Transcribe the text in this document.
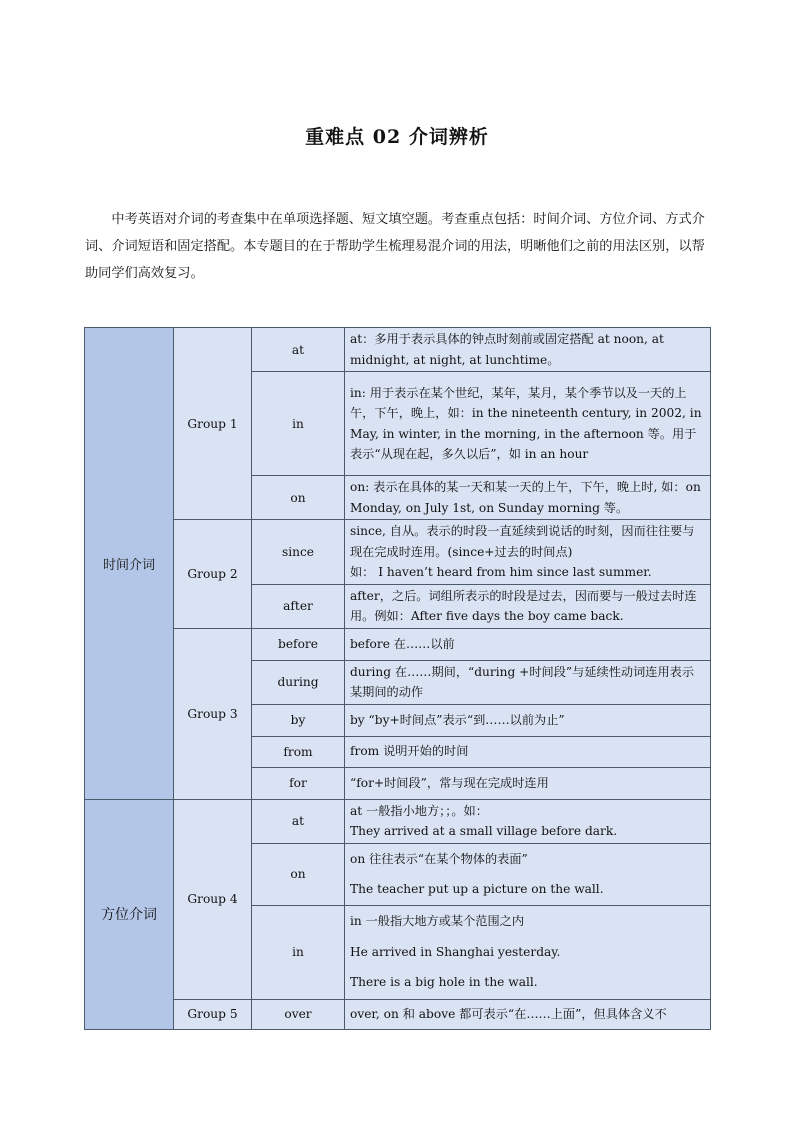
重难点 02 介词辨析

中考英语对介词的考查集中在单项选择题、短文填空题。考查重点包括：时间介词、方位介词、方式介词、介词短语和固定搭配。本专题目的在于帮助学生梳理易混介词的用法，明晰他们之前的用法区别，以帮助同学们高效复习。

时间介词	Group 1	at	at：多用于表示具体的钟点时刻前或固定搭配 at noon, at midnight, at night, at lunchtime。

		in	in: 用于表示在某个世纪，某年，某月，某个季节以及一天的上午，下午，晚上，如：in the nineteenth century, in 2002, in May, in winter, in the morning, in the afternoon 等。用于表示“从现在起，多久以后”，如 in an hour

		on	on: 表示在具体的某一天和某一天的上午，下午，晚上时, 如：on Monday, on July 1st, on Sunday morning 等。

	Group 2	since	since, 自从。表示的时段一直延续到说话的时刻，因而往往要与现在完成时连用。(since+过去的时间点)
如： I haven’t heard from him since last summer.

		after	after，之后。词组所表示的时段是过去，因而要与一般过去时连用。例如：After five days the boy came back.

	Group 3	before	before 在……以前

		during	during 在……期间，“during +时间段”与延续性动词连用表示某期间的动作

		by	by “by+时间点”表示“到……以前为止”

		from	from 说明开始的时间

		for	“for+时间段”，常与现在完成时连用

方位介词	Group 4	at	at 一般指小地方；；。如：
They arrived at a small village before dark.

		on	on 往往表示“在某个物体的表面”
The teacher put up a picture on the wall.

		in	in 一般指大地方或某个范围之内
He arrived in Shanghai yesterday.
There is a big hole in the wall.

	Group 5	over	over, on 和 above 都可表示“在……上面”，但具体含义不
